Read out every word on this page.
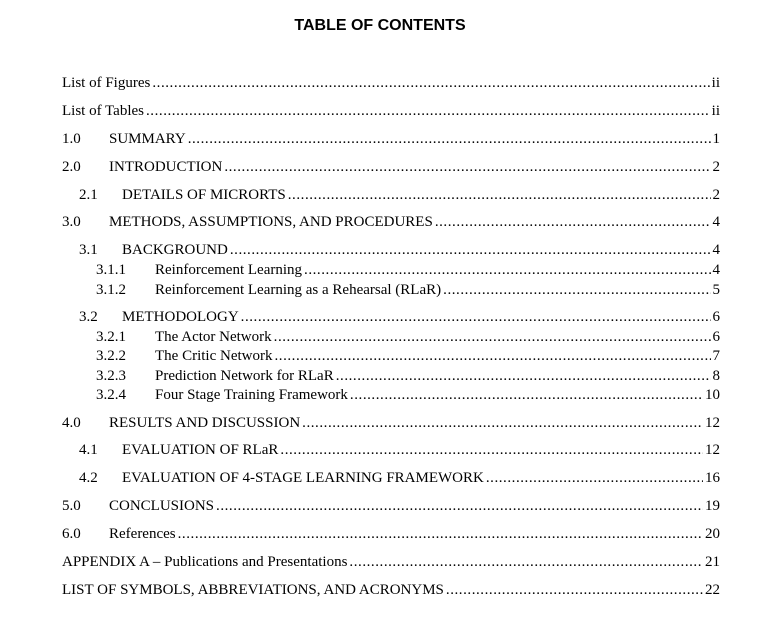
TABLE OF CONTENTS
List of Figures . . .	ii
List of Tables . . .	ii
1.0	SUMMARY . . .	1
2.0	INTRODUCTION . . .	2
2.1	DETAILS OF MICRORTS . . .	2
3.0	METHODS, ASSUMPTIONS, AND PROCEDURES . . .	4
3.1	BACKGROUND . . .	4
3.1.1	Reinforcement Learning . . .	4
3.1.2	Reinforcement Learning as a Rehearsal (RLaR) . . .	5
3.2	METHODOLOGY . . .	6
3.2.1	The Actor Network . . .	6
3.2.2	The Critic Network . . .	7
3.2.3	Prediction Network for RLaR . . .	8
3.2.4	Four Stage Training Framework . . .	10
4.0	RESULTS AND DISCUSSION . . .	12
4.1	EVALUATION OF RLaR . . .	12
4.2	EVALUATION OF 4-STAGE LEARNING FRAMEWORK . . .	16
5.0	CONCLUSIONS . . .	19
6.0	References . . .	20
APPENDIX A – Publications and Presentations . . .	21
LIST OF SYMBOLS, ABBREVIATIONS, AND ACRONYMS . . .	22
